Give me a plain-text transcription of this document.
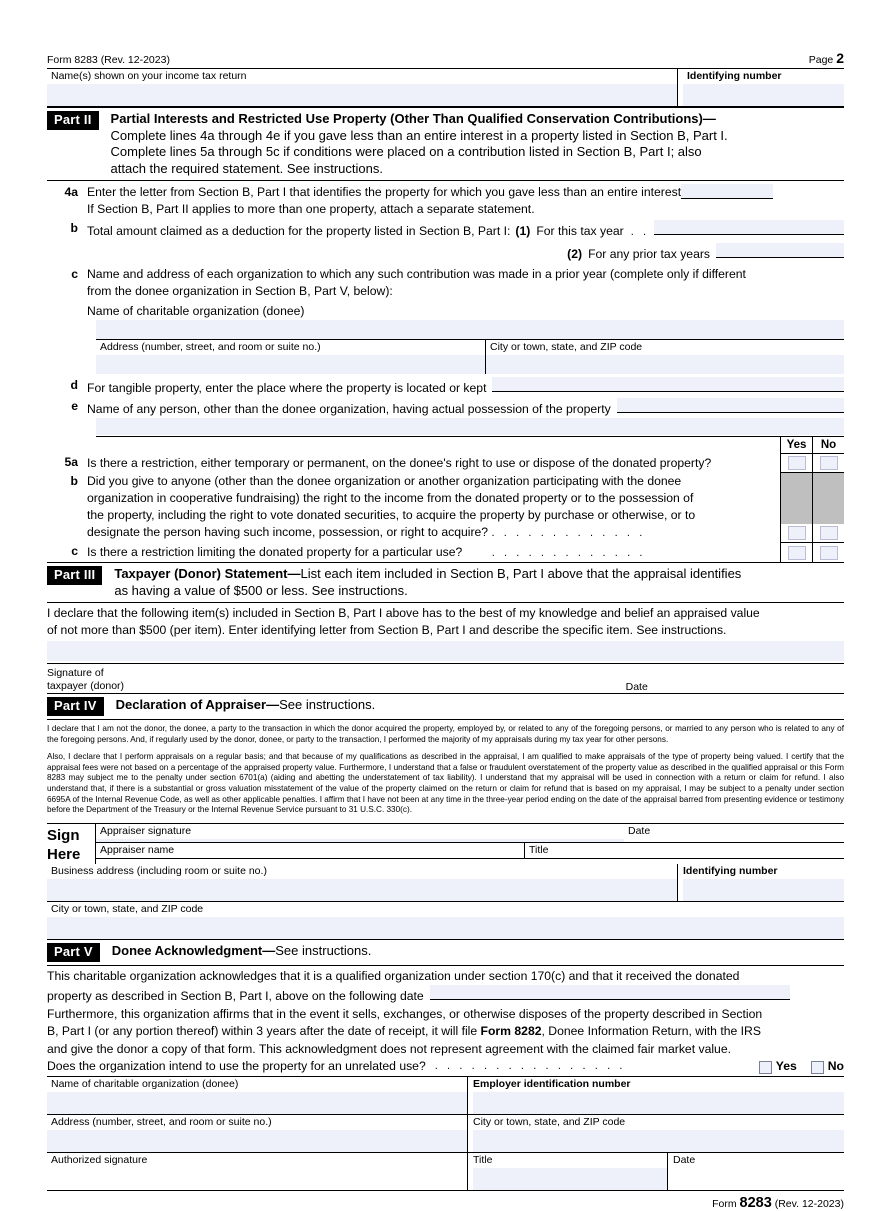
Form 8283 (Rev. 12-2023)	Page 2
Name(s) shown on your income tax return	Identifying number
Part II	Partial Interests and Restricted Use Property (Other Than Qualified Conservation Contributions)—
Complete lines 4a through 4e if you gave less than an entire interest in a property listed in Section B, Part I.
Complete lines 5a through 5c if conditions were placed on a contribution listed in Section B, Part I; also
attach the required statement. See instructions.
4a Enter the letter from Section B, Part I that identifies the property for which you gave less than an entire interest
If Section B, Part II applies to more than one property, attach a separate statement.
b Total amount claimed as a deduction for the property listed in Section B, Part I: (1) For this tax year . .
(2) For any prior tax years
c Name and address of each organization to which any such contribution was made in a prior year (complete only if different
from the donee organization in Section B, Part V, below):
Name of charitable organization (donee)
Address (number, street, and room or suite no.)	City or town, state, and ZIP code
d For tangible property, enter the place where the property is located or kept
e Name of any person, other than the donee organization, having actual possession of the property
Yes	No
5a Is there a restriction, either temporary or permanent, on the donee's right to use or dispose of the donated property?
b Did you give to anyone (other than the donee organization or another organization participating with the donee
organization in cooperative fundraising) the right to the income from the donated property or to the possession of
the property, including the right to vote donated securities, to acquire the property by purchase or otherwise, or to
designate the person having such income, possession, or right to acquire? . . . . . . . . . . . . .
c Is there a restriction limiting the donated property for a particular use?	. . . . . . . . . . . . .
Part III	Taxpayer (Donor) Statement—List each item included in Section B, Part I above that the appraisal identifies
as having a value of $500 or less. See instructions.
I declare that the following item(s) included in Section B, Part I above has to the best of my knowledge and belief an appraised value
of not more than $500 (per item). Enter identifying letter from Section B, Part I and describe the specific item. See instructions.
Signature of
taxpayer (donor)	Date
Part IV	Declaration of Appraiser—See instructions.

I declare that I am not the donor, the donee, a party to the transaction in which the donor acquired the property, employed by, or related to any of the foregoing persons, or married to any person who is related to any of the foregoing persons. And, if regularly used by the donor, donee, or party to the transaction, I performed the majority of my appraisals during my tax year for other persons.

Also, I declare that I perform appraisals on a regular basis; and that because of my qualifications as described in the appraisal, I am qualified to make appraisals of the type of property being valued. I certify that the appraisal fees were not based on a percentage of the appraised property value. Furthermore, I understand that a false or fraudulent overstatement of the property value as described in the qualified appraisal or this Form 8283 may subject me to the penalty under section 6701(a) (aiding and abetting the understatement of tax liability). I understand that my appraisal will be used in connection with a return or claim for refund. I also understand that, if there is a substantial or gross valuation misstatement of the value of the property claimed on the return or claim for refund that is based on my appraisal, I may be subject to a penalty under section 6695A of the Internal Revenue Code, as well as other applicable penalties. I affirm that I have not been at any time in the three-year period ending on the date of the appraisal barred from presenting evidence or testimony before the Department of the Treasury or the Internal Revenue Service pursuant to 31 U.S.C. 330(c).

Sign
Here
Appraiser signature	Date
Appraiser name	Title
Business address (including room or suite no.)	Identifying number
City or town, state, and ZIP code
Part V	Donee Acknowledgment—See instructions.
This charitable organization acknowledges that it is a qualified organization under section 170(c) and that it received the donated
property as described in Section B, Part I, above on the following date
Furthermore, this organization affirms that in the event it sells, exchanges, or otherwise disposes of the property described in Section
B, Part I (or any portion thereof) within 3 years after the date of receipt, it will file Form 8282, Donee Information Return, with the IRS
and give the donor a copy of that form. This acknowledgment does not represent agreement with the claimed fair market value.
Does the organization intend to use the property for an unrelated use? . . . . . . . . . . . . . . . .	Yes	No
Name of charitable organization (donee)	Employer identification number
Address (number, street, and room or suite no.)	City or town, state, and ZIP code
Authorized signature	Title	Date
Form 8283 (Rev. 12-2023)
